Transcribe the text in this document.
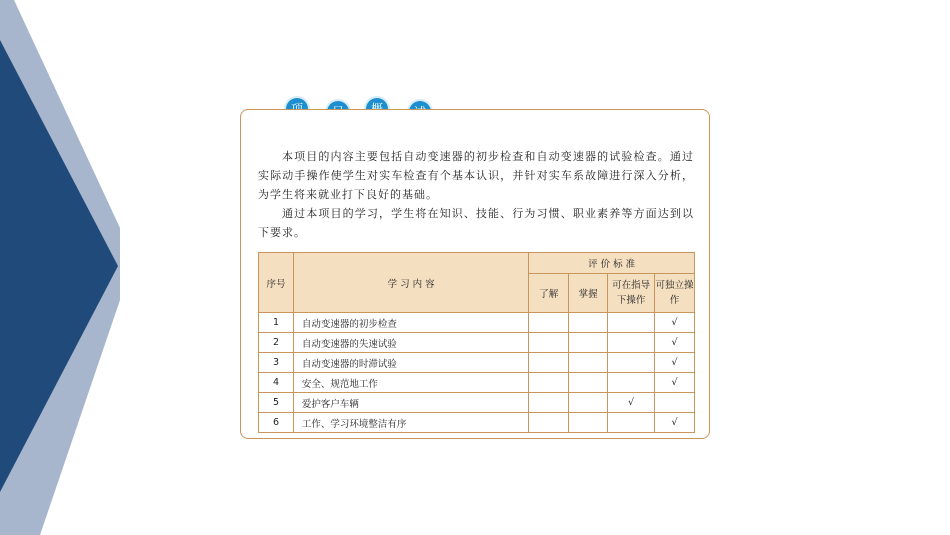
本项目的内容主要包括自动变速器的初步检查和自动变速器的试验检查。通过实际动手操作使学生对实车检查有个基本认识，并针对实车系故障进行深入分析，为学生将来就业打下良好的基础。

通过本项目的学习，学生将在知识、技能、行为习惯、职业素养等方面达到以下要求。

序号	学 习 内 容	评 价 标 准			
		了解	掌握	可在指导下操作	可独立操作
1	自动变速器的初步检查				√
2	自动变速器的失速试验				√
3	自动变速器的时滞试验				√
4	安全、规范地工作				√
5	爱护客户车辆			√	
6	工作、学习环境整洁有序				√
